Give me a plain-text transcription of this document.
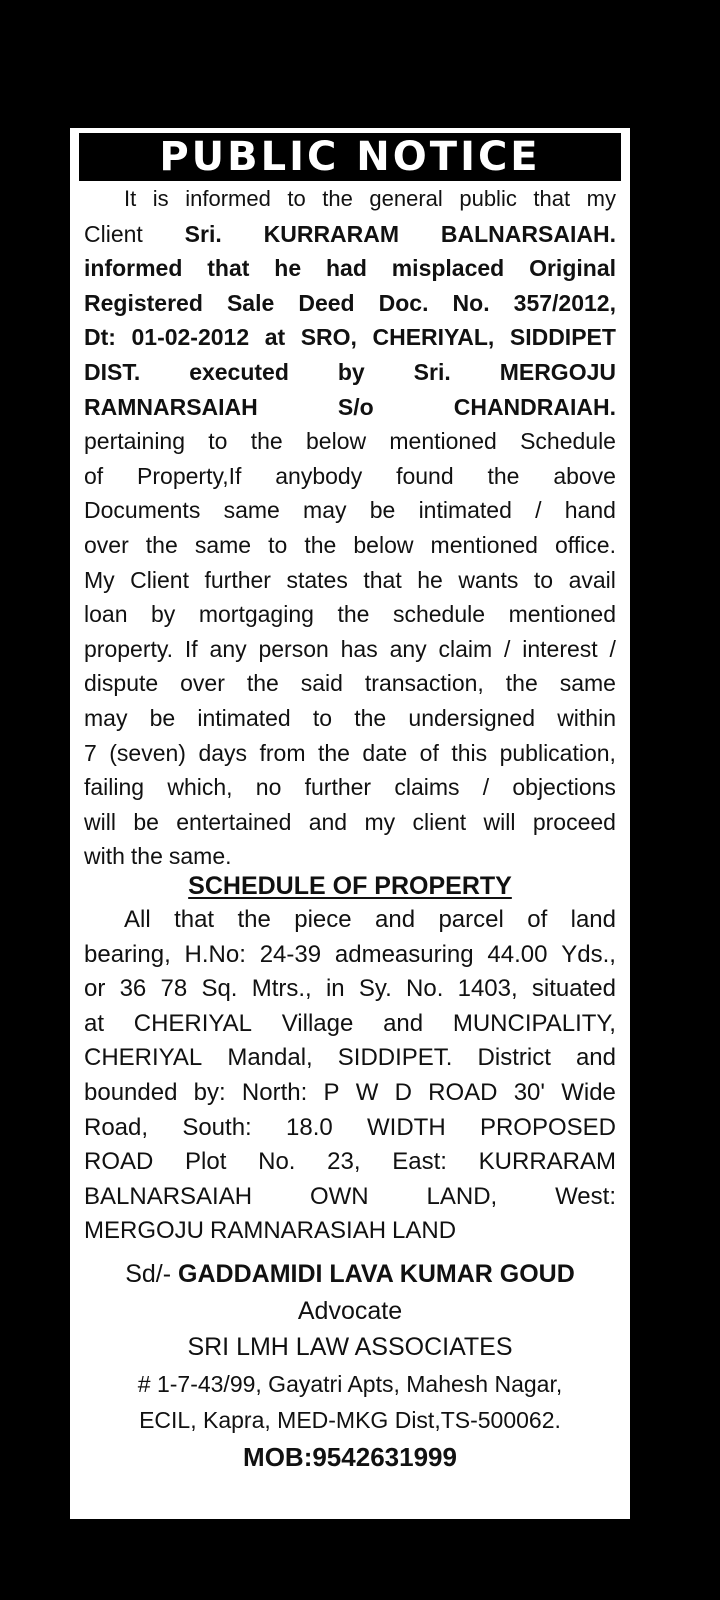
PUBLIC NOTICE
It is informed to the general public that my
Client Sri. KURRARAM BALNARSAIAH.
informed that he had misplaced Original
Registered Sale Deed Doc. No. 357/2012,
Dt: 01-02-2012 at SRO, CHERIYAL, SIDDIPET
DIST. executed by Sri. MERGOJU
RAMNARSAIAH	S/o	CHANDRAIAH.
pertaining to the below mentioned Schedule
of Property,If anybody found the above
Documents same may be intimated / hand
over the same to the below mentioned office.
My Client further states that he wants to avail
loan by mortgaging the schedule mentioned
property. If any person has any claim / interest /
dispute over the said transaction, the same
may be intimated to the undersigned within
7 (seven) days from the date of this publication,
failing which, no further claims / objections
will be entertained and my client will proceed
with the same.
SCHEDULE OF PROPERTY
All that the piece and parcel of land
bearing, H.No: 24-39 admeasuring 44.00 Yds.,
or 36 78 Sq. Mtrs., in Sy. No. 1403, situated
at CHERIYAL Village and MUNCIPALITY,
CHERIYAL Mandal, SIDDIPET. District and
bounded by: North: P W D ROAD 30' Wide
Road, South: 18.0 WIDTH PROPOSED
ROAD Plot No. 23, East: KURRARAM
BALNARSAIAH OWN LAND, West:
MERGOJU RAMNARASIAH LAND
Sd/- GADDAMIDI LAVA KUMAR GOUD
Advocate
SRI LMH LAW ASSOCIATES
# 1-7-43/99, Gayatri Apts, Mahesh Nagar,
ECIL, Kapra, MED-MKG Dist,TS-500062.
MOB:9542631999
